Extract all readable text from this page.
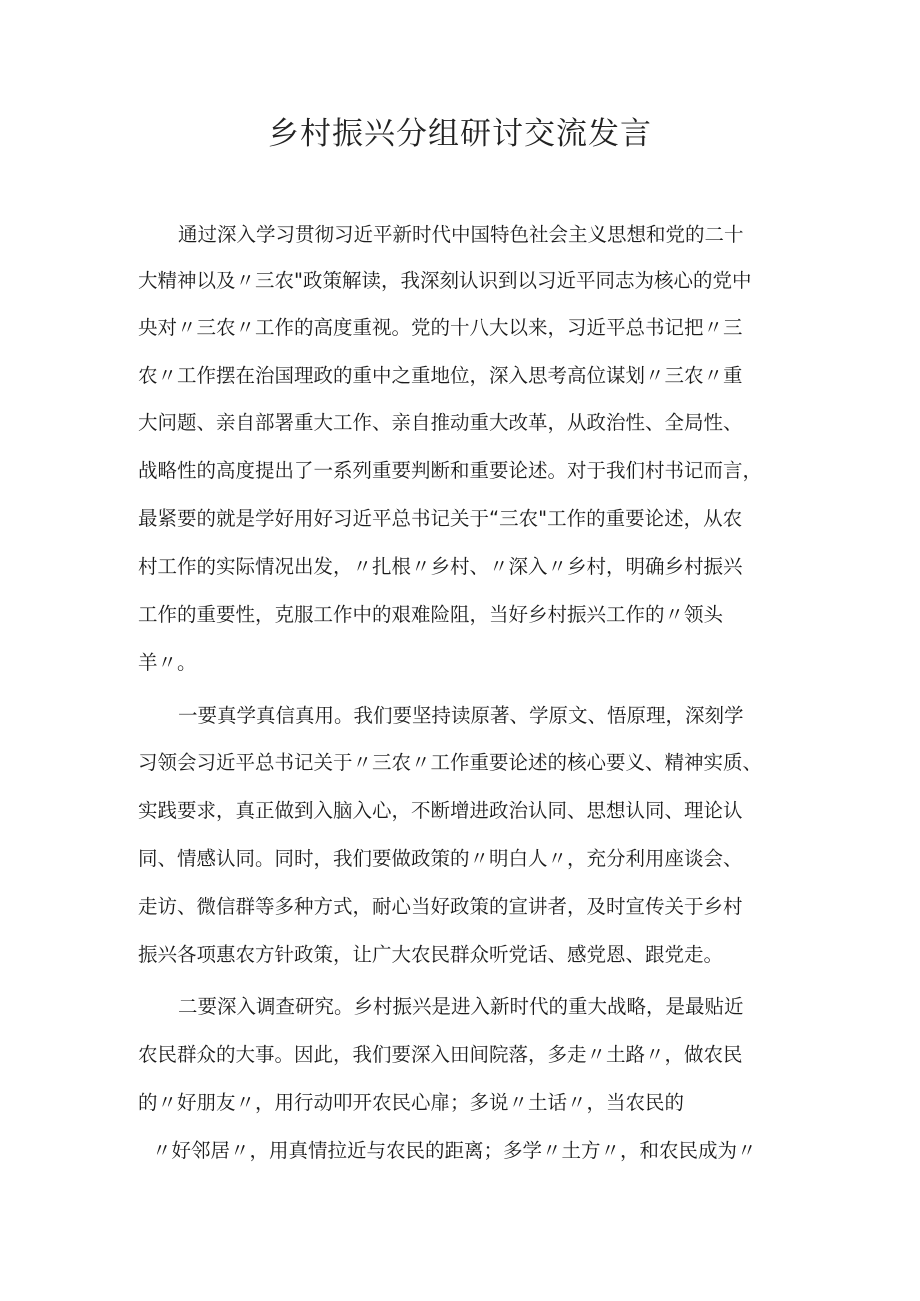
乡村振兴分组研讨交流发言
通过深入学习贯彻习近平新时代中国特色社会主义思想和党的二十
大精神以及〃三农"政策解读，我深刻认识到以习近平同志为核心的党中
央对〃三农〃工作的高度重视。党的十八大以来，习近平总书记把〃三
农〃工作摆在治国理政的重中之重地位，深入思考高位谋划〃三农〃重
大问题、亲自部署重大工作、亲自推动重大改革，从政治性、全局性、
战略性的高度提出了一系列重要判断和重要论述。对于我们村书记而言，
最紧要的就是学好用好习近平总书记关于“三农"工作的重要论述，从农
村工作的实际情况出发，〃扎根〃乡村、〃深入〃乡村，明确乡村振兴
工作的重要性，克服工作中的艰难险阻，当好乡村振兴工作的〃领头
羊〃。
一要真学真信真用。我们要坚持读原著、学原文、悟原理，深刻学
习领会习近平总书记关于〃三农〃工作重要论述的核心要义、精神实质、
实践要求，真正做到入脑入心，不断增进政治认同、思想认同、理论认
同、情感认同。同时，我们要做政策的〃明白人〃，充分利用座谈会、
走访、微信群等多种方式，耐心当好政策的宣讲者，及时宣传关于乡村
振兴各项惠农方针政策，让广大农民群众听党话、感党恩、跟党走。
二要深入调查研究。乡村振兴是进入新时代的重大战略，是最贴近
农民群众的大事。因此，我们要深入田间院落，多走〃土路〃，做农民
的〃好朋友〃，用行动叩开农民心扉；多说〃土话〃，当农民的
〃好邻居〃，用真情拉近与农民的距离；多学〃土方〃，和农民成为〃
